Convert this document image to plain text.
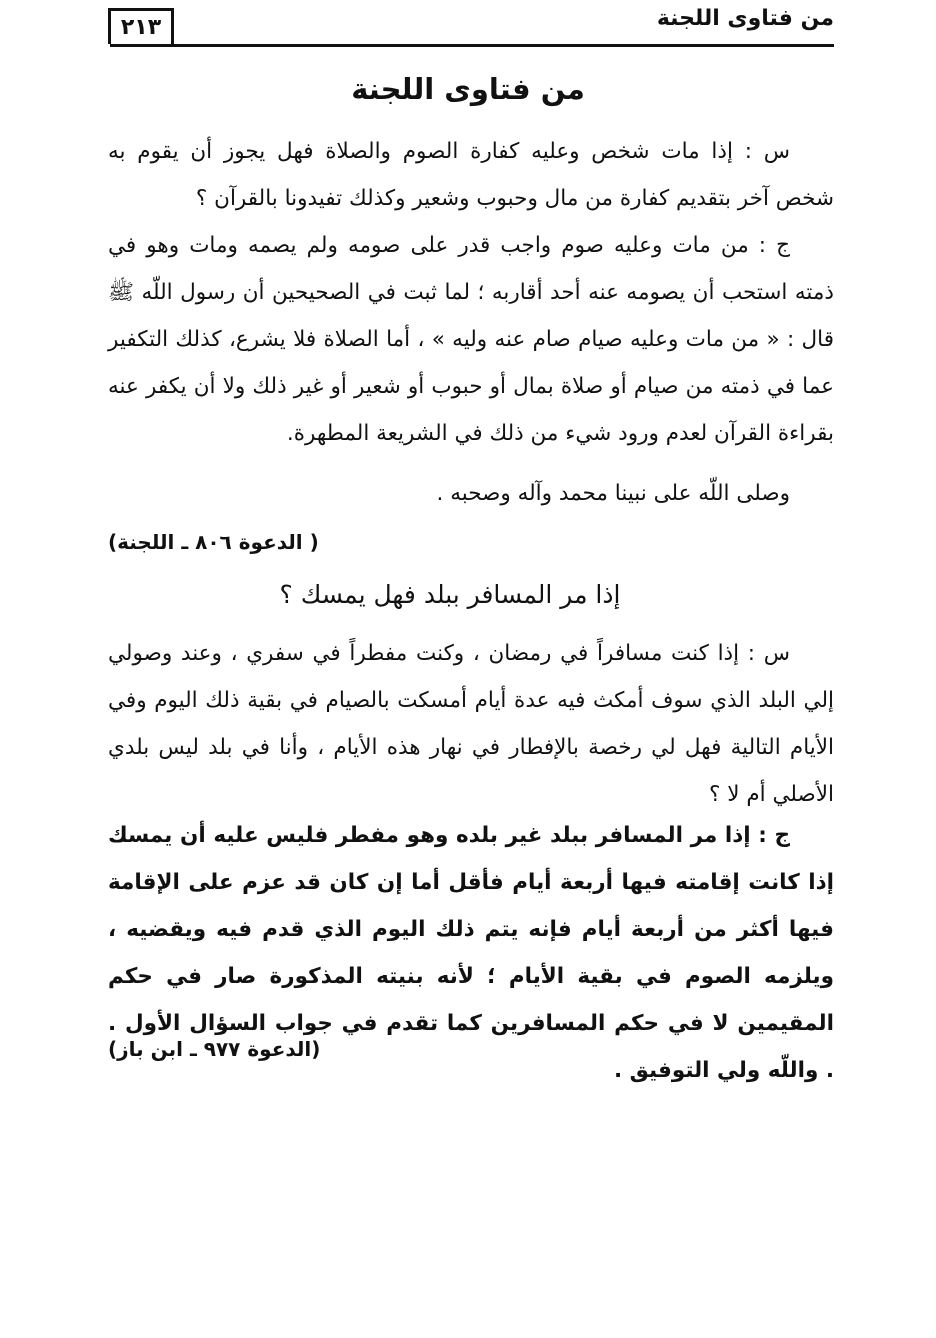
٢١٣	من فتاوى اللجنة
من فتاوى اللجنة

س : إذا مات شخص وعليه كفارة الصوم والصلاة فهل يجوز أن يقوم به شخص آخر بتقديم كفارة من مال وحبوب وشعير وكذلك تفيدونا بالقرآن ؟

ج : من مات وعليه صوم واجب قدر على صومه ولم يصمه ومات وهو في ذمته استحب أن يصومه عنه أحد أقاربه ؛ لما ثبت في الصحيحين أن رسول اللّه ﷺ قال : « من مات وعليه صيام صام عنه وليه » ، أما الصلاة فلا يشرع، كذلك التكفير عما في ذمته من صيام أو صلاة بمال أو حبوب أو شعير أو غير ذلك ولا أن يكفر عنه بقراءة القرآن لعدم ورود شيء من ذلك في الشريعة المطهرة.

وصلى اللّه على نبينا محمد وآله وصحبه .

( الدعوة ٨٠٦ ـ اللجنة)
إذا مر المسافر ببلد فهل يمسك ؟

س : إذا كنت مسافراً في رمضان ، وكنت مفطراً في سفري ، وعند وصولي إلي البلد الذي سوف أمكث فيه عدة أيام أمسكت بالصيام في بقية ذلك اليوم وفي الأيام التالية فهل لي رخصة بالإفطار في نهار هذه الأيام ، وأنا في بلد ليس بلدي الأصلي أم لا ؟

ج : إذا مر المسافر ببلد غير بلده وهو مفطر فليس عليه أن يمسك إذا كانت إقامته فيها أربعة أيام فأقل أما إن كان قد عزم على الإقامة فيها أكثر من أربعة أيام فإنه يتم ذلك اليوم الذي قدم فيه ويقضيه ، ويلزمه الصوم في بقية الأيام ؛ لأنه بنيته المذكورة صار في حكم المقيمين لا في حكم المسافرين كما تقدم في جواب السؤال الأول . . واللّه ولي التوفيق .

(الدعوة ٩٧٧ ـ ابن باز)
